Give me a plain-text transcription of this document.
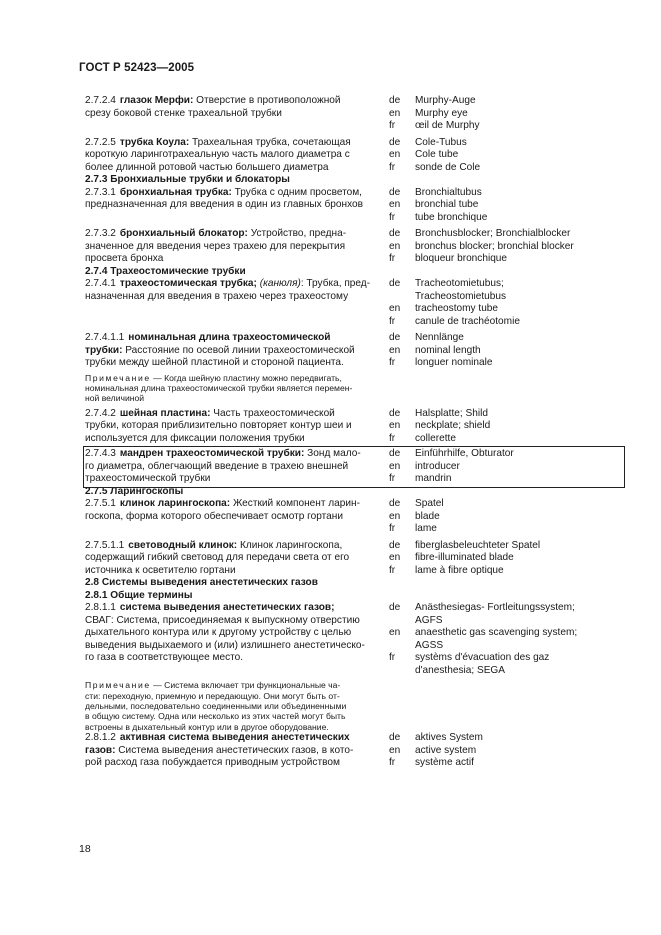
ГОСТ Р 52423—2005
2.7.2.4 глазок Мерфи: Отверстие в противоположной
срезу боковой стенке трахеальной трубки
de
en
fr
Murphy-Auge
Murphy eye
œil de Murphy
2.7.2.5 трубка Коула: Трахеальная трубка, сочетающая
короткую ларинготрахеальную часть малого диаметра с
более длинной ротовой частью большего диаметра
de
en
fr
Cole-Tubus
Cole tube
sonde de Cole
2.7.3 Бронхиальные трубки и блокаторы
2.7.3.1 бронхиальная трубка: Трубка с одним просветом,
предназначенная для введения в один из главных бронхов
de
en
fr
Bronchialtubus
bronchial tube
tube bronchique
2.7.3.2 бронхиальный блокатор: Устройство, предна-
значенное для введения через трахею для перекрытия
просвета бронха
de
en
fr
Bronchusblocker; Bronchialblocker
bronchus blocker; bronchial blocker
bloqueur bronchique
2.7.4 Трахеостомические трубки
2.7.4.1 трахеостомическая трубка; (канюля): Трубка, пред-
назначенная для введения в трахею через трахеостому
de

en
fr
Tracheotomietubus;
Tracheostomietubus
tracheostomy tube
canule de trachéotomie
2.7.4.1.1 номинальная длина трахеостомической
трубки: Расстояние по осевой линии трахеостомической
трубки между шейной пластиной и стороной пациента.
de
en
fr
Nennlänge
nominal length
longuer nominale
Примечание — Когда шейную пластину можно передвигать,
номинальная длина трахеостомической трубки является перемен-
ной величиной
2.7.4.2 шейная пластина: Часть трахеостомической
трубки, которая приблизительно повторяет контур шеи и
используется для фиксации положения трубки
de
en
fr
Halsplatte; Shild
neckplate; shield
collerette
2.7.4.3 мандрен трахеостомической трубки: Зонд мало-
го диаметра, облегчающий введение в трахею внешней
трахеостомической трубки
de
en
fr
Einführhilfe, Obturator
introducer
mandrin
2.7.5 Ларингоскопы
2.7.5.1 клинок ларингоскопа: Жесткий компонент ларин-
госкопа, форма которого обеспечивает осмотр гортани
de
en
fr
Spatel
blade
lame
2.7.5.1.1 световодный клинок: Клинок ларингоскопа,
содержащий гибкий световод для передачи света от его
источника к осветителю гортани
de
en
fr
fiberglasbeleuchteter Spatel
fibre-illuminated blade
lame à fibre optique
2.8 Системы выведения анестетических газов
2.8.1 Общие термины
2.8.1.1 система выведения анестетических газов;
СВАГ: Система, присоединяемая к выпускному отверстию
дыхательного контура или к другому устройству с целью
выведения выдыхаемого и (или) излишнего анестетическо-
го газа в соответствующее место.
de

en

fr

Anästhesiegas- Fortleitungssystem;
AGFS
anaesthetic gas scavenging system;
AGSS
systèms d'évacuation des gaz
d'anesthesia; SEGA
Примечание — Система включает три функциональные ча-
сти: переходную, приемную и передающую. Они могут быть от-
дельными, последовательно соединенными или объединенными
в общую систему. Одна или несколько из этих частей могут быть
встроены в дыхательный контур или в другое оборудование.
2.8.1.2 активная система выведения анестетических
газов: Система выведения анестетических газов, в кото-
рой расход газа побуждается приводным устройством
de
en
fr
aktives System
active system
système actif
18
